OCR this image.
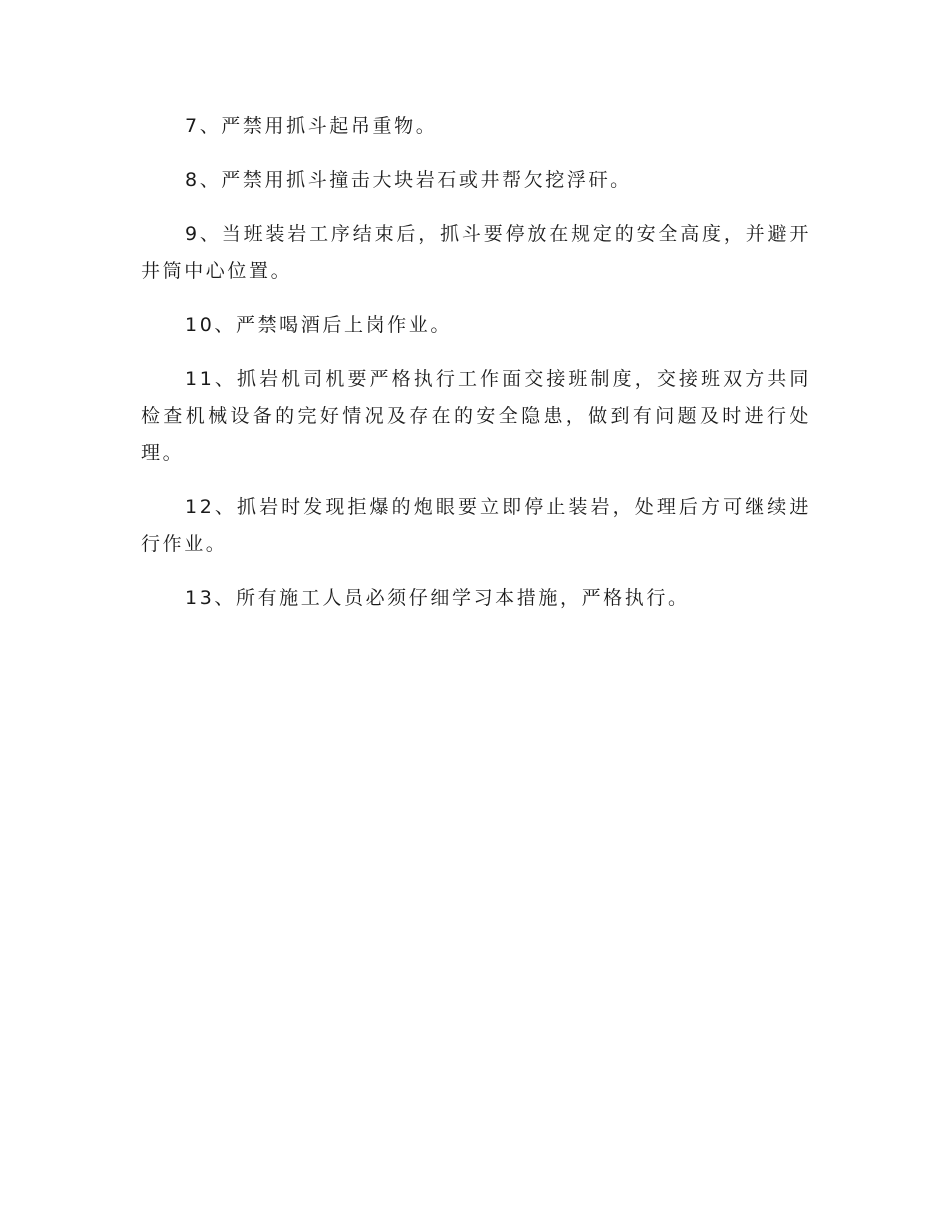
7、严禁用抓斗起吊重物。

8、严禁用抓斗撞击大块岩石或井帮欠挖浮矸。

9、当班装岩工序结束后，抓斗要停放在规定的安全高度，并避开井筒中心位置。

10、严禁喝酒后上岗作业。

11、抓岩机司机要严格执行工作面交接班制度，交接班双方共同检查机械设备的完好情况及存在的安全隐患，做到有问题及时进行处理。

12、抓岩时发现拒爆的炮眼要立即停止装岩，处理后方可继续进行作业。

13、所有施工人员必须仔细学习本措施，严格执行。
